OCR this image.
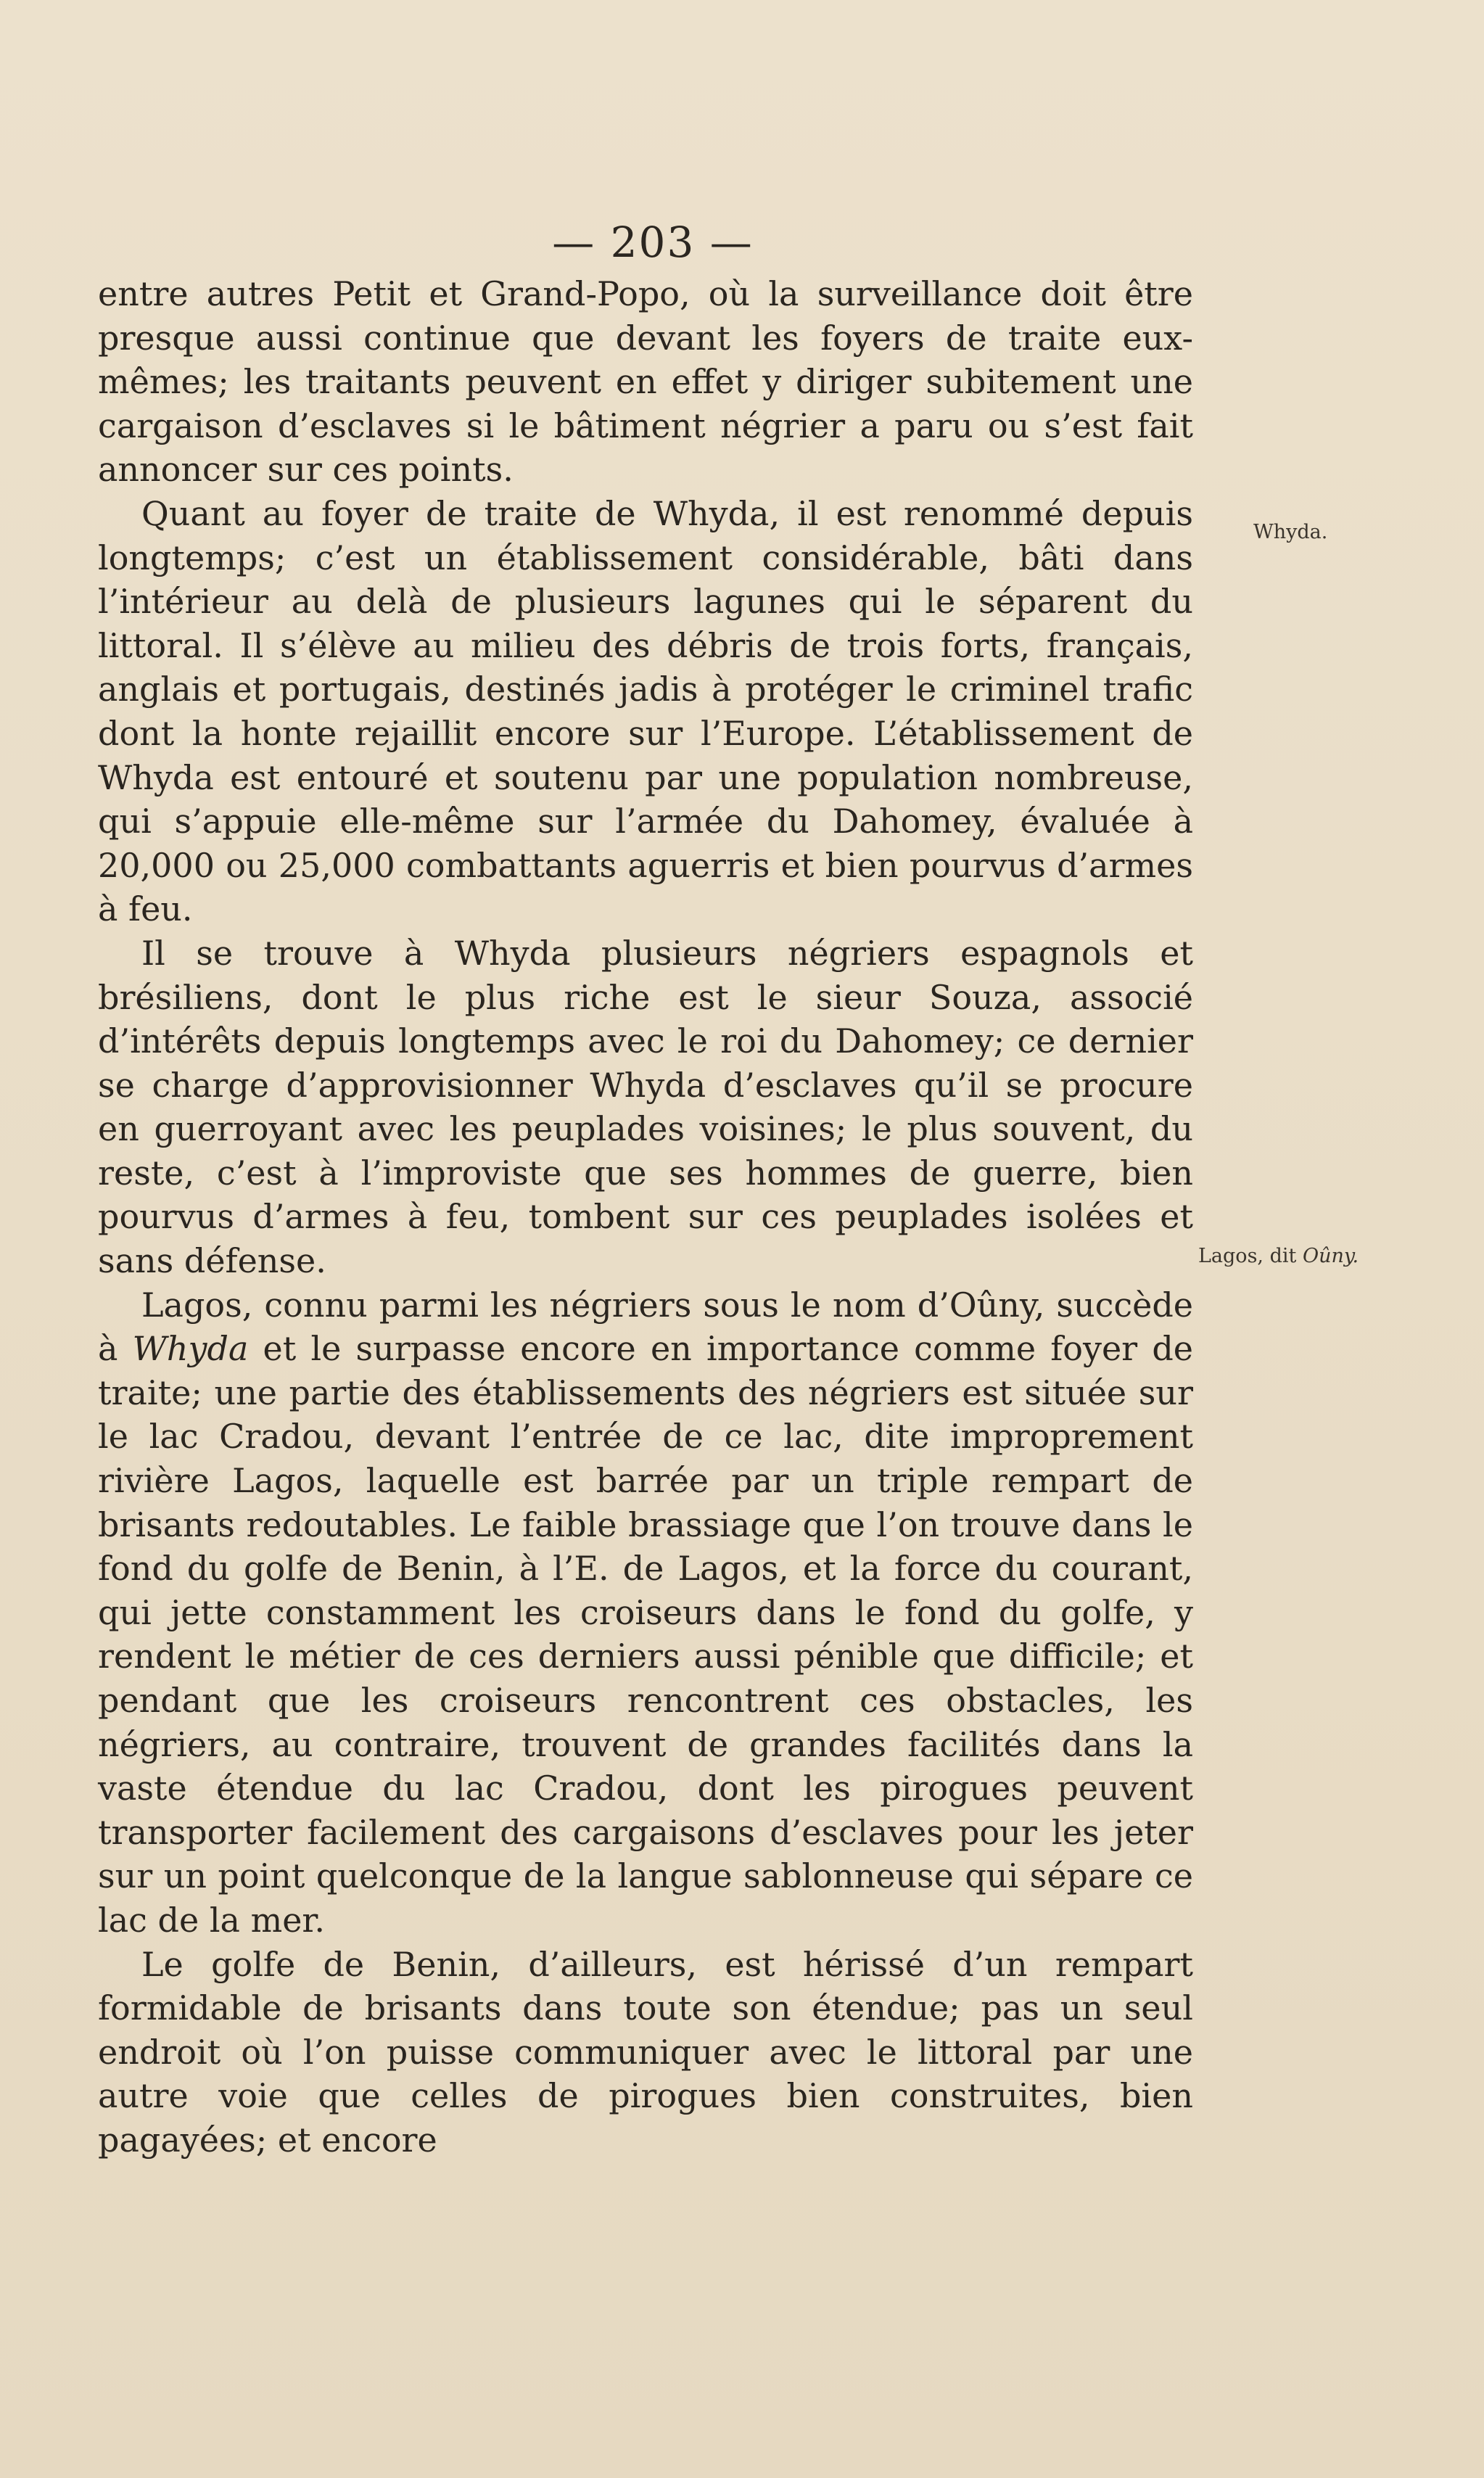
— 203 —

entre autres Petit et Grand-Popo, où la surveillance doit être presque aussi continue que devant les foyers de traite eux-mêmes; les traitants peuvent en effet y diriger subitement une cargaison d’esclaves si le bâtiment négrier a paru ou s’est fait annoncer sur ces points.

Quant au foyer de traite de Whyda, il est renommé depuis longtemps; c’est un établissement considérable, bâti dans l’intérieur au delà de plusieurs lagunes qui le séparent du littoral. Il s’élève au milieu des débris de trois forts, français, anglais et portugais, destinés jadis à protéger le criminel trafic dont la honte rejaillit encore sur l’Europe. L’établissement de Whyda est entouré et soutenu par une population nombreuse, qui s’appuie elle-même sur l’armée du Dahomey, évaluée à 20,000 ou 25,000 combattants aguerris et bien pourvus d’armes à feu.

Il se trouve à Whyda plusieurs négriers espagnols et brésiliens, dont le plus riche est le sieur Souza, associé d’intérêts depuis longtemps avec le roi du Dahomey; ce dernier se charge d’approvisionner Whyda d’esclaves qu’il se procure en guerroyant avec les peuplades voisines; le plus souvent, du reste, c’est à l’improviste que ses hommes de guerre, bien pourvus d’armes à feu, tombent sur ces peuplades isolées et sans défense.

Lagos, connu parmi les négriers sous le nom d’Oûny, succède à Whyda et le surpasse encore en importance comme foyer de traite; une partie des établissements des négriers est située sur le lac Cradou, devant l’entrée de ce lac, dite improprement rivière Lagos, laquelle est barrée par un triple rempart de brisants redoutables. Le faible brassiage que l’on trouve dans le fond du golfe de Benin, à l’E. de Lagos, et la force du courant, qui jette constamment les croiseurs dans le fond du golfe, y rendent le métier de ces derniers aussi pénible que difficile; et pendant que les croiseurs rencontrent ces obstacles, les négriers, au contraire, trouvent de grandes facilités dans la vaste étendue du lac Cradou, dont les pirogues peuvent transporter facilement des cargaisons d’esclaves pour les jeter sur un point quelconque de la langue sablonneuse qui sépare ce lac de la mer.

Le golfe de Benin, d’ailleurs, est hérissé d’un rempart formidable de brisants dans toute son étendue; pas un seul endroit où l’on puisse communiquer avec le littoral par une autre voie que celles de pirogues bien construites, bien pagayées; et encore

Whyda.
Lagos, dit Oûny.
